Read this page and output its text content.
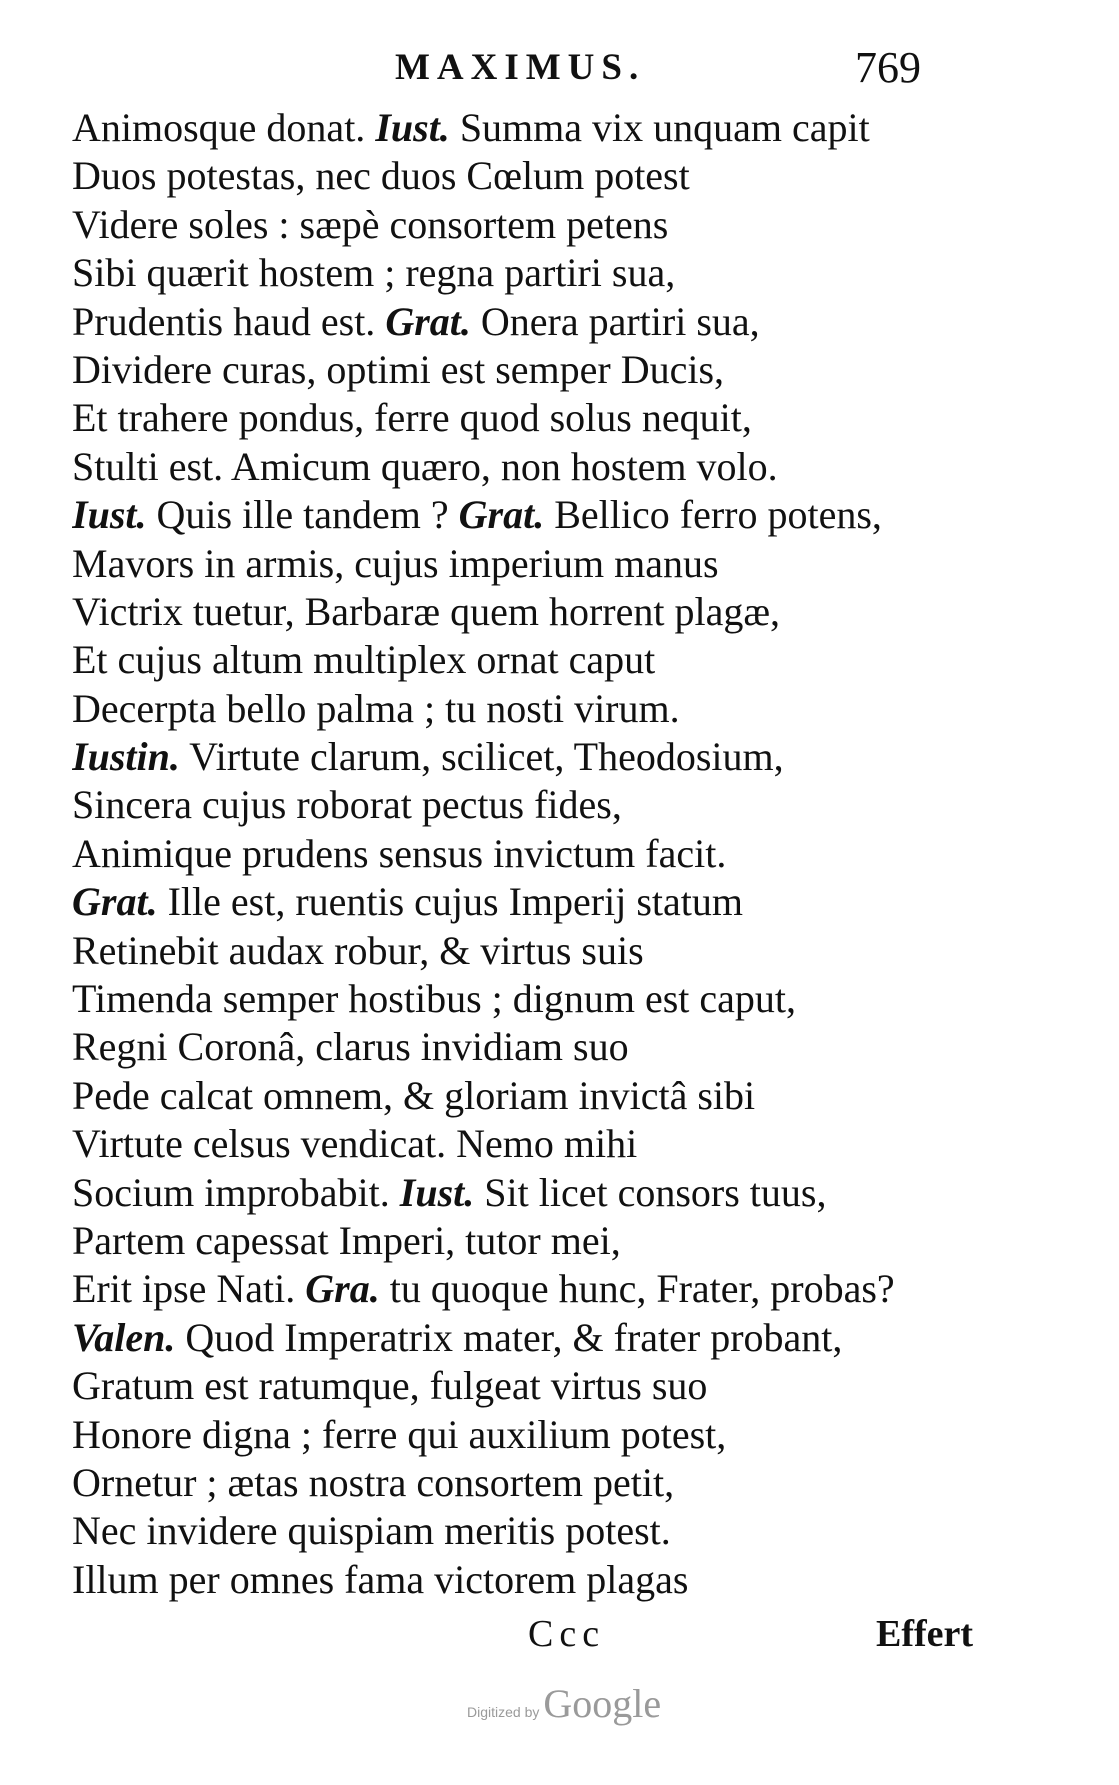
MAXIMUS.	769
Animosque donat. Iust. Summa vix unquam capit
Duos potestas, nec duos Cœlum potest
Videre soles : sæpè consortem petens
Sibi quærit hostem ; regna partiri sua,
Prudentis haud est. Grat. Onera partiri sua,
Dividere curas, optimi est semper Ducis,
Et trahere pondus, ferre quod solus nequit,
Stulti est. Amicum quæro, non hostem volo.
Iust. Quis ille tandem ? Grat. Bellico ferro potens,
Mavors in armis, cujus imperium manus
Victrix tuetur, Barbaræ quem horrent plagæ,
Et cujus altum multiplex ornat caput
Decerpta bello palma ; tu nosti virum.
Iustin. Virtute clarum, scilicet, Theodosium,
Sincera cujus roborat pectus fides,
Animique prudens sensus invictum facit.
Grat. Ille est, ruentis cujus Imperij statum
Retinebit audax robur, & virtus suis
Timenda semper hostibus ; dignum est caput,
Regni Coronâ, clarus invidiam suo
Pede calcat omnem, & gloriam invictâ sibi
Virtute celsus vendicat. Nemo mihi
Socium improbabit. Iust. Sit licet consors tuus,
Partem capessat Imperi, tutor mei,
Erit ipse Nati. Gra. tu quoque hunc, Frater, probas?
Valen. Quod Imperatrix mater, & frater probant,
Gratum est ratumque, fulgeat virtus suo
Honore digna ; ferre qui auxilium potest,
Ornetur ; ætas nostra consortem petit,
Nec invidere quispiam meritis potest.
Illum per omnes fama victorem plagas
Ccc	Effert
Digitized by Google
